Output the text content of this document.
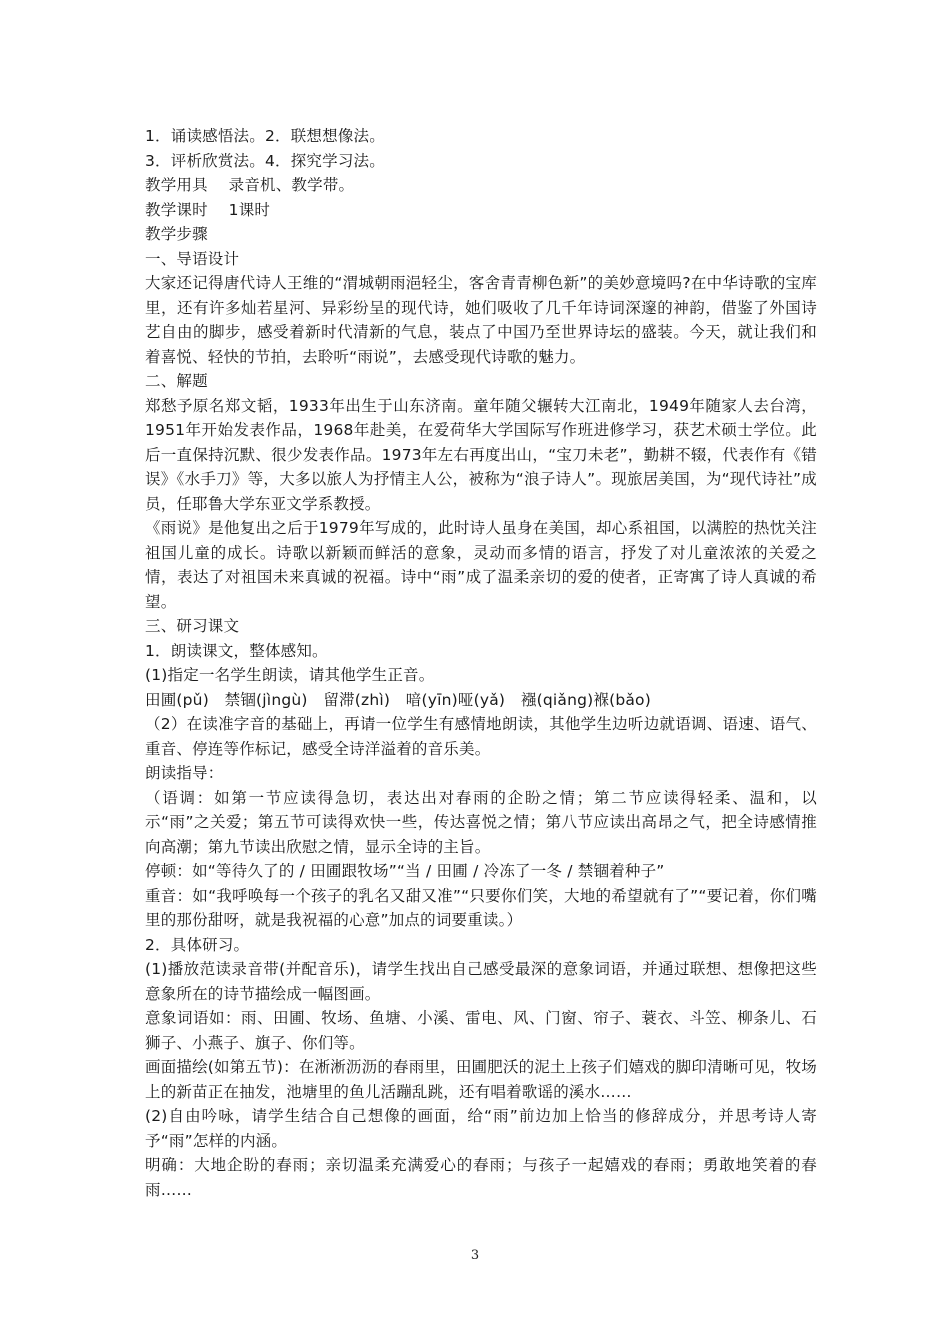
1．诵读感悟法。2．联想想像法。

3．评析欣赏法。4．探究学习法。

教学用具　 录音机、教学带。

教学课时　 1课时

教学步骤

一、导语设计

大家还记得唐代诗人王维的“渭城朝雨浥轻尘，客舍青青柳色新”的美妙意境吗?在中华诗歌的宝库里，还有许多灿若星河、异彩纷呈的现代诗，她们吸收了几千年诗词深邃的神韵，借鉴了外国诗艺自由的脚步，感受着新时代清新的气息，装点了中国乃至世界诗坛的盛装。今天，就让我们和着喜悦、轻快的节拍，去聆听“雨说”，去感受现代诗歌的魅力。

二、解题

郑愁予原名郑文韬，1933年出生于山东济南。童年随父辗转大江南北，1949年随家人去台湾，1951年开始发表作品，1968年赴美，在爱荷华大学国际写作班进修学习，获艺术硕士学位。此后一直保持沉默、很少发表作品。1973年左右再度出山，“宝刀未老”，勤耕不辍，代表作有《错误》《水手刀》等，大多以旅人为抒情主人公，被称为“浪子诗人”。现旅居美国，为“现代诗社”成员，任耶鲁大学东亚文学系教授。

《雨说》是他复出之后于1979年写成的，此时诗人虽身在美国，却心系祖国，以满腔的热忱关注祖国儿童的成长。诗歌以新颖而鲜活的意象，灵动而多情的语言，抒发了对儿童浓浓的关爱之情，表达了对祖国未来真诚的祝福。诗中“雨”成了温柔亲切的爱的使者，正寄寓了诗人真诚的希望。

三、研习课文

1．朗读课文，整体感知。

(1)指定一名学生朗读，请其他学生正音。

田圃(pǔ)　禁锢(jìngù)　留滞(zhì)　喑(yīn)哑(yǎ)　襁(qiǎng)褓(bǎo)

（2）在读准字音的基础上，再请一位学生有感情地朗读，其他学生边听边就语调、语速、语气、重音、停连等作标记，感受全诗洋溢着的音乐美。

朗读指导：

（语调：如第一节应读得急切，表达出对春雨的企盼之情；第二节应读得轻柔、温和，以示“雨”之关爱；第五节可读得欢快一些，传达喜悦之情；第八节应读出高昂之气，把全诗感情推向高潮；第九节读出欣慰之情，显示全诗的主旨。

停顿：如“等待久了的 / 田圃跟牧场”“当 / 田圃 / 冷冻了一冬 / 禁锢着种子”

重音：如“我呼唤每一个孩子的乳名又甜又准”“只要你们笑，大地的希望就有了”“要记着，你们嘴里的那份甜呀，就是我祝福的心意”加点的词要重读。）

2．具体研习。

(1)播放范读录音带(并配音乐)，请学生找出自己感受最深的意象词语，并通过联想、想像把这些意象所在的诗节描绘成一幅图画。

意象词语如：雨、田圃、牧场、鱼塘、小溪、雷电、风、门窗、帘子、蓑衣、斗笠、柳条儿、石狮子、小燕子、旗子、你们等。

画面描绘(如第五节)：在淅淅沥沥的春雨里，田圃肥沃的泥土上孩子们嬉戏的脚印清晰可见，牧场上的新苗正在抽发，池塘里的鱼儿活蹦乱跳，还有唱着歌谣的溪水……

(2)自由吟咏，请学生结合自己想像的画面，给“雨”前边加上恰当的修辞成分，并思考诗人寄予“雨”怎样的内涵。

明确：大地企盼的春雨；亲切温柔充满爱心的春雨；与孩子一起嬉戏的春雨；勇敢地笑着的春雨……

3
